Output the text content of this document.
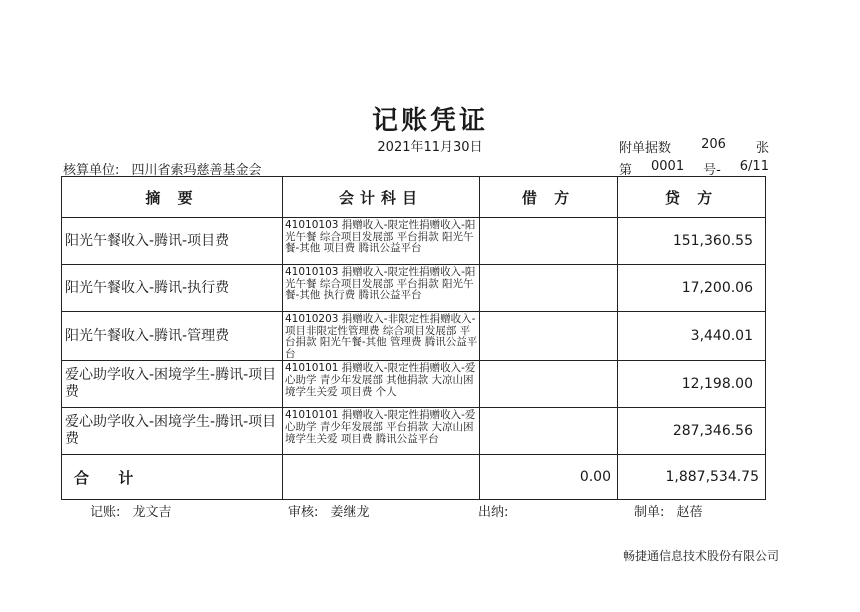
记账凭证
2021年11月30日	附单据数 206 张
第 0001 号- 6/11
核算单位: 四川省索玛慈善基金会
摘 要	会计科目	借 方	贷 方
阳光午餐收入-腾讯-项目费	41010103 捐赠收入-限定性捐赠收入-阳光午餐 综合项目发展部 平台捐款 阳光午餐-其他 项目费 腾讯公益平台		151,360.55
阳光午餐收入-腾讯-执行费	41010103 捐赠收入-限定性捐赠收入-阳光午餐 综合项目发展部 平台捐款 阳光午餐-其他 执行费 腾讯公益平台		17,200.06
阳光午餐收入-腾讯-管理费	41010203 捐赠收入-非限定性捐赠收入-项目非限定性管理费 综合项目发展部 平台捐款 阳光午餐-其他 管理费 腾讯公益平台		3,440.01
爱心助学收入-困境学生-腾讯-项目费	41010101 捐赠收入-限定性捐赠收入-爱心助学 青少年发展部 其他捐款 大凉山困境学生关爱 项目费 个人		12,198.00
爱心助学收入-困境学生-腾讯-项目费	41010101 捐赠收入-限定性捐赠收入-爱心助学 青少年发展部 平台捐款 大凉山困境学生关爱 项目费 腾讯公益平台		287,346.56
合 计		0.00	1,887,534.75
记账: 龙文吉	审核: 姜继龙	出纳:	制单: 赵蓓
畅捷通信息技术股份有限公司
